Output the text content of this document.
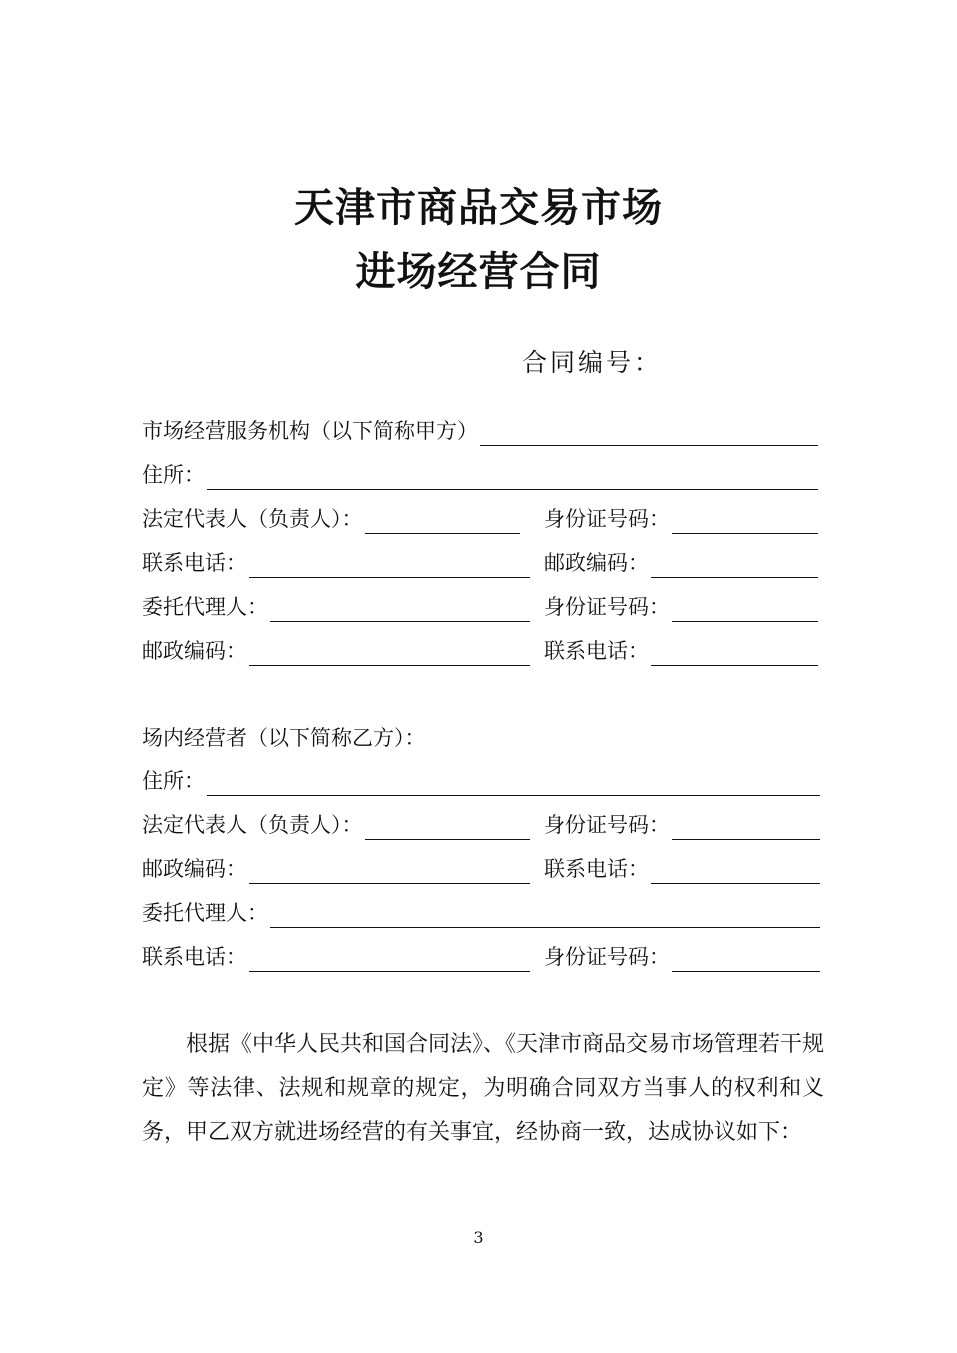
天津市商品交易市场
进场经营合同
合同编号：
市场经营服务机构（以下简称甲方）
住所：
法定代表人（负责人）：	身份证号码：
联系电话：	邮政编码：
委托代理人：	身份证号码：
邮政编码：	联系电话：
场内经营者（以下简称乙方）：
住所：
法定代表人（负责人）：	身份证号码：
邮政编码：	联系电话：
委托代理人：
联系电话：	身份证号码：
根据《中华人民共和国合同法》、《天津市商品交易市场管理若干规定》等法律、法规和规章的规定，为明确合同双方当事人的权利和义务，甲乙双方就进场经营的有关事宜，经协商一致，达成协议如下：
3
